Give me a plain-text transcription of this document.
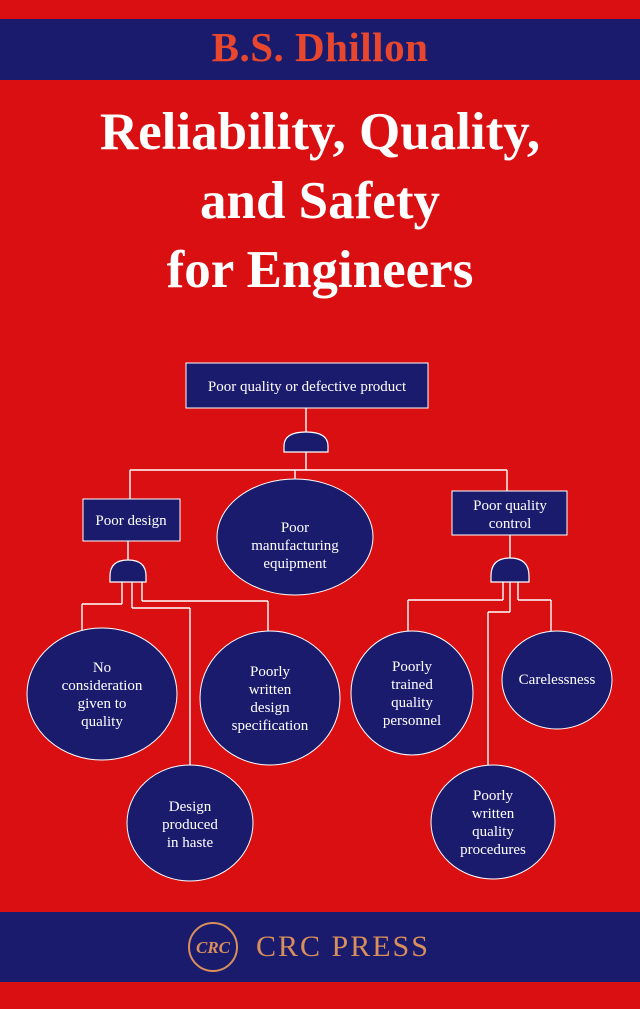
B.S. Dhillon
Reliability, Quality,
and Safety
for Engineers
Poor quality or defective product
Poor design	Poor
manufacturing
equipment
Poor quality
control
No
consideration
given to
quality
Poorly
written
design
specification
Poorly
trained
quality
personnel
Carelessness
Design
produced
in haste
Poorly
written
quality
procedures
CRC CRC PRESS
